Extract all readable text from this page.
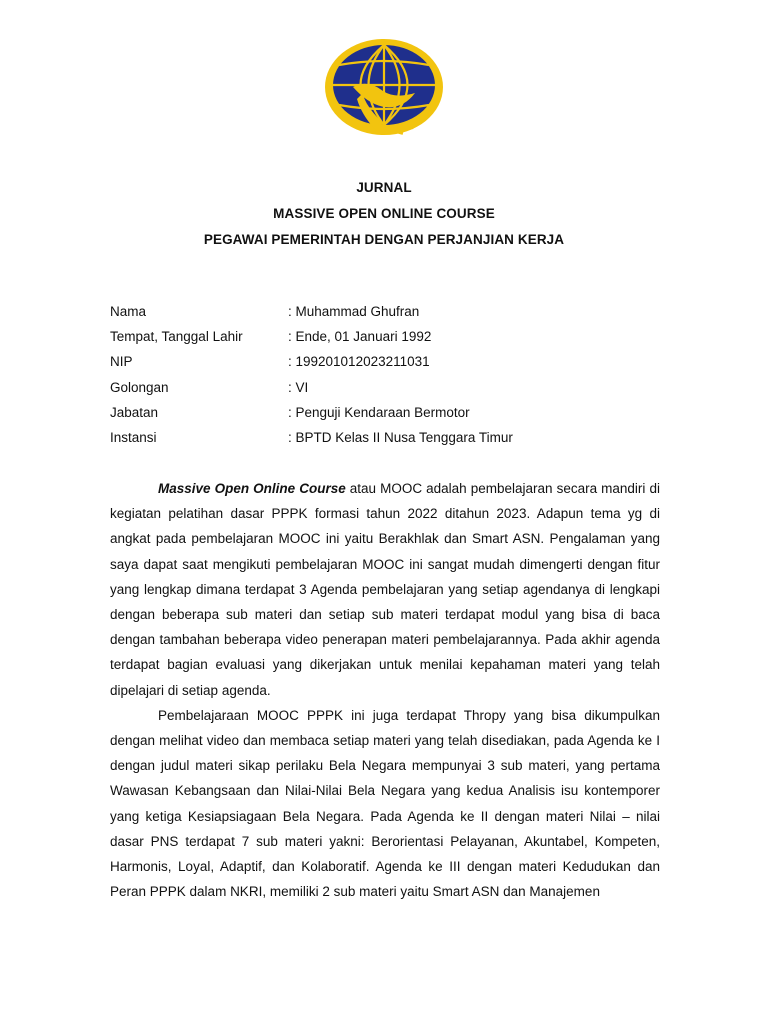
JURNAL
MASSIVE OPEN ONLINE COURSE
PEGAWAI PEMERINTAH DENGAN PERJANJIAN KERJA
Nama	: Muhammad Ghufran
Tempat, Tanggal Lahir	: Ende, 01 Januari 1992
NIP	: 199201012023211031
Golongan	: VI
Jabatan	: Penguji Kendaraan Bermotor
Instansi	: BPTD Kelas II Nusa Tenggara Timur

Massive Open Online Course atau MOOC adalah pembelajaran secara mandiri di kegiatan pelatihan dasar PPPK formasi tahun 2022 ditahun 2023. Adapun tema yg di angkat pada pembelajaran MOOC ini yaitu Berakhlak dan Smart ASN. Pengalaman yang saya dapat saat mengikuti pembelajaran MOOC ini sangat mudah dimengerti dengan fitur yang lengkap dimana terdapat 3 Agenda pembelajaran yang setiap agendanya di lengkapi dengan beberapa sub materi dan setiap sub materi terdapat modul yang bisa di baca dengan tambahan beberapa video penerapan materi pembelajarannya. Pada akhir agenda terdapat bagian evaluasi yang dikerjakan untuk menilai kepahaman materi yang telah dipelajari di setiap agenda.

Pembelajaraan MOOC PPPK ini juga terdapat Thropy yang bisa dikumpulkan dengan melihat video dan membaca setiap materi yang telah disediakan, pada Agenda ke I dengan judul materi sikap perilaku Bela Negara mempunyai 3 sub materi, yang pertama Wawasan Kebangsaan dan Nilai-Nilai Bela Negara yang kedua Analisis isu kontemporer yang ketiga Kesiapsiagaan Bela Negara. Pada Agenda ke II dengan materi Nilai – nilai dasar PNS terdapat 7 sub materi yakni: Berorientasi Pelayanan, Akuntabel, Kompeten, Harmonis, Loyal, Adaptif, dan Kolaboratif. Agenda ke III dengan materi Kedudukan dan Peran PPPK dalam NKRI, memiliki 2 sub materi yaitu Smart ASN dan Manajemen
